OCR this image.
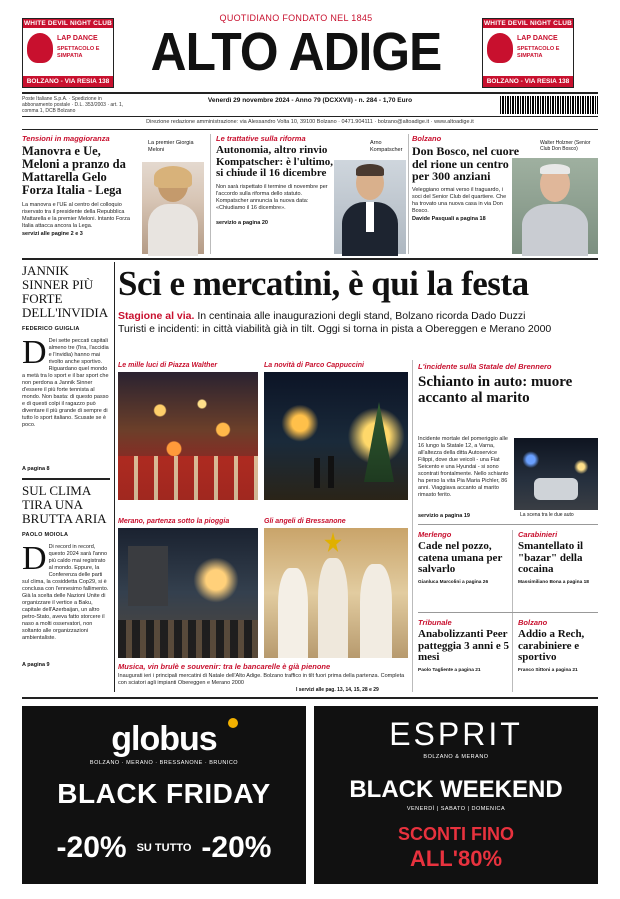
WHITE DEVIL NIGHT CLUB
LAP DANCE
SPETTACOLO E SIMPATIA
BOLZANO - VIA RESIA 138
WHITE DEVIL NIGHT CLUB
LAP DANCE
SPETTACOLO E SIMPATIA
BOLZANO - VIA RESIA 138
QUOTIDIANO FONDATO NEL 1845
ALTO ADIGE
Poste Italiane S.p.A. · Spedizione in abbonamento postale · D.L. 353/2003 · art. 1, comma 1, DCB Bolzano
Venerdì 29 novembre 2024 - Anno 79 (DCXXVII) - n. 284 - 1,70 Euro
Direzione redazione amministrazione: via Alessandro Volta 10, 39100 Bolzano · 0471.904111 · bolzano@altoadige.it · www.altoadige.it
Tensioni in maggioranza
Manovra e Ue, Meloni a pranzo da Mattarella Gelo Forza Italia - Lega
La manovra e l'UE al centro del colloquio riservato tra il presidente della Repubblica Mattarella e la premier Meloni. Intanto Forza Italia attacca ancora la Lega.
servizi alle pagine 2 e 3
La premier Giorgia Meloni
Le trattative sulla riforma
Autonomia, altro rinvio Kompatscher: è l'ultimo, si chiude il 16 dicembre
Non sarà rispettato il termine di novembre per l'accordo sulla riforma dello statuto. Kompatscher annuncia la nuova data: «Chiudiamo il 16 dicembre».
servizio a pagina 20
Arno Kompatscher
Bolzano
Don Bosco, nel cuore del rione un centro per 300 anziani
Veleggiano ormai verso il traguardo, i soci del Senior Club del quartiere. Che ha trovato una nuova casa in via Don Bosco.
Davide Pasquali a pagina 18
Walter Holzner (Senior Club Don Bosco)
JANNIK SINNER PIÙ FORTE DELL'INVIDIA
FEDERICO GUIGLIA
D Dei sette peccati capitali almeno tre (l'ira, l'accidia e l'invidia) hanno mai rivolto anche sportivo. Riguardano quel mondo a metà tra lo sport e il bar sport che non perdona a Jannik Sinner d'essere il più forte tennista al mondo. Non basta: di questo passo e di questi colpi il ragazzo può diventare il più grande di sempre di tutto lo sport italiano. Scusate se è poco.
A pagina 8
SUL CLIMA TIRA UNA BRUTTA ARIA
PAOLO MOIOLA
D Di record in record, questo 2024 sarà l'anno più caldo mai registrato al mondo. Eppure, la Conferenza delle parti sul clima, la cosiddetta Cop29, si è conclusa con l'ennesimo fallimento. Già la scelta delle Nazioni Unite di organizzare il vertice a Baku, capitale dell'Azerbaijan, un altro petro-Stato, aveva fatto storcere il naso a molti osservatori, non soltanto alle organizzazioni ambientaliste.
A pagina 9
Sci e mercatini, è qui la festa
Stagione al via. In centinaia alle inaugurazioni degli stand, Bolzano ricorda Dado Duzzi
Turisti e incidenti: in città viabilità già in tilt. Oggi si torna in pista a Obereggen e Merano 2000
Le mille luci di Piazza Walther	La novità di Parco Cappuccini
Merano, partenza sotto la pioggia	Gli angeli di Bressanone
Musica, vin brulè e souvenir: tra le bancarelle è già pienone
Inaugurati ieri i principali mercatini di Natale dell'Alto Adige. Bolzano traffico in tilt fuori prima della partenza. Completa con sciatori agli impianti Obereggen e Merano 2000
I servizi alle pag. 13, 14, 15, 28 e 29
L'incidente sulla Statale del Brennero
Schianto in auto: muore accanto al marito
Incidente mortale del pomeriggio alle 16 lungo la Statale 12, a Varna, all'altezza della ditta Autoservice Filippi, dove due veicoli - una Fiat Seicento e una Hyundai - si sono scontrati frontalmente. Nello schianto ha perso la vita Pia Maria Pichler, 86 anni. Viaggiava accanto al marito rimasto ferito.
servizio a pagina 19	La scena tra le due auto
Merlengo
Cade nel pozzo, catena umana per salvarlo
Gianluca Marcolini a pagina 26
Carabinieri
Smantellato il "bazar" della cocaina
Massimiliano Bona a pagina 18
Tribunale
Anabolizzanti Peer patteggia 3 anni e 5 mesi
Paolo Tagliente a pagina 21
Bolzano
Addio a Rech, carabiniere e sportivo
Franco Sittoni a pagina 21
globus
BOLZANO · MERANO · BRESSANONE · BRUNICO
BLACK FRIDAY
-20% SU TUTTO -20%
ESPRIT
BOLZANO & MERANO
BLACK WEEKEND
VENERDÌ | SABATO | DOMENICA
SCONTI FINO
ALL'80%
